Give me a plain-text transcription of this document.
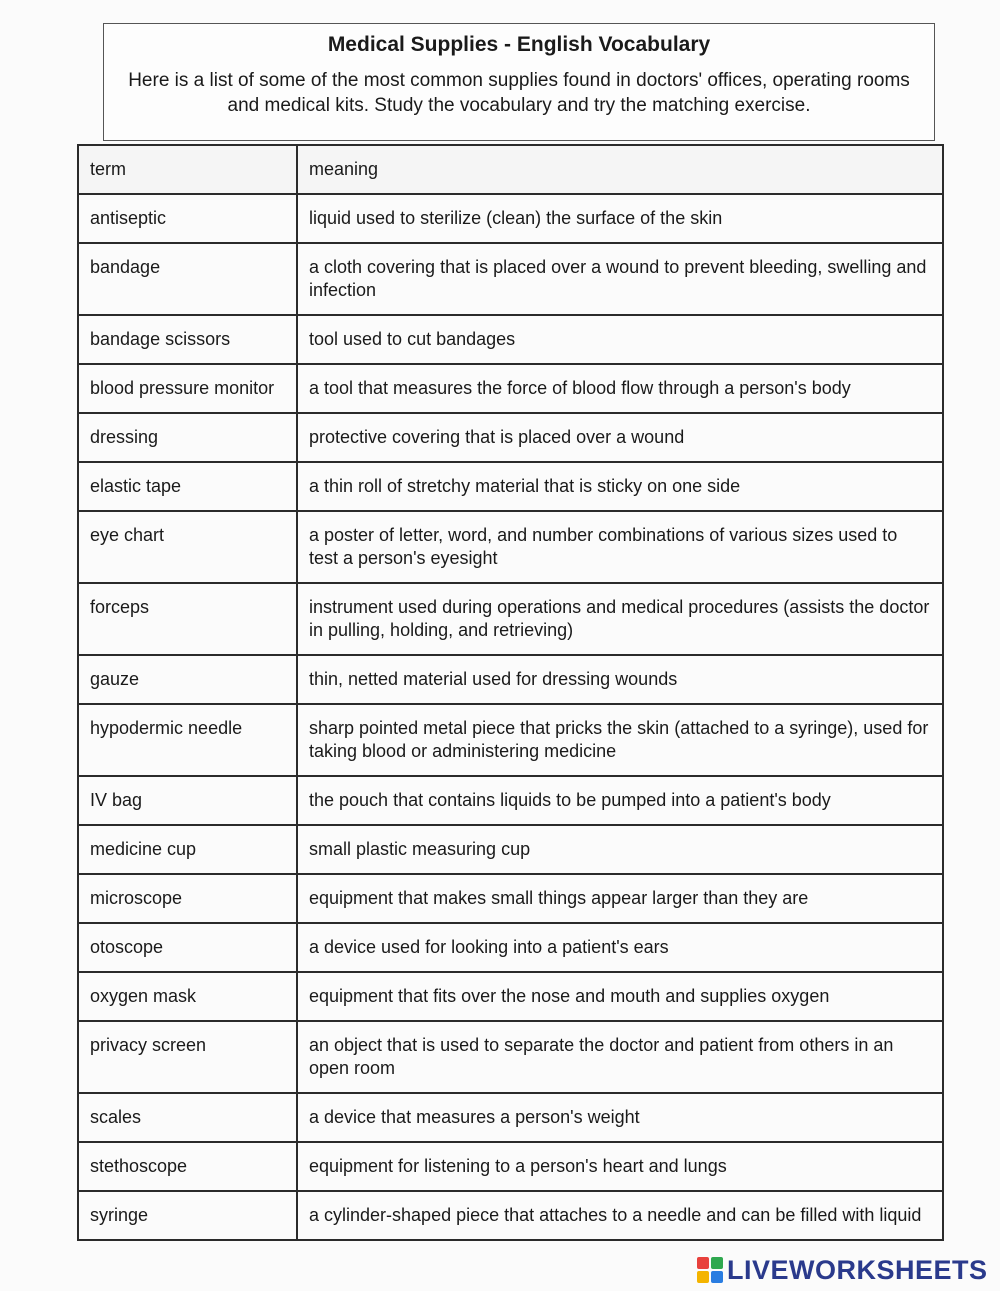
Medical Supplies - English Vocabulary
Here is a list of some of the most common supplies found in doctors' offices, operating rooms and medical kits. Study the vocabulary and try the matching exercise.
term	meaning
antiseptic	liquid used to sterilize (clean) the surface of the skin
bandage	a cloth covering that is placed over a wound to prevent bleeding, swelling and infection
bandage scissors	tool used to cut bandages
blood pressure monitor	a tool that measures the force of blood flow through a person's body
dressing	protective covering that is placed over a wound
elastic tape	a thin roll of stretchy material that is sticky on one side
eye chart	a poster of letter, word, and number combinations of various sizes used to test a person's eyesight
forceps	instrument used during operations and medical procedures (assists the doctor in pulling, holding, and retrieving)
gauze	thin, netted material used for dressing wounds
hypodermic needle	sharp pointed metal piece that pricks the skin (attached to a syringe), used for taking blood or administering medicine
IV bag	the pouch that contains liquids to be pumped into a patient's body
medicine cup	small plastic measuring cup
microscope	equipment that makes small things appear larger than they are
otoscope	a device used for looking into a patient's ears
oxygen mask	equipment that fits over the nose and mouth and supplies oxygen
privacy screen	an object that is used to separate the doctor and patient from others in an open room
scales	a device that measures a person's weight
stethoscope	equipment for listening to a person's heart and lungs
syringe	a cylinder-shaped piece that attaches to a needle and can be filled with liquid
LIVEWORKSHEETS
